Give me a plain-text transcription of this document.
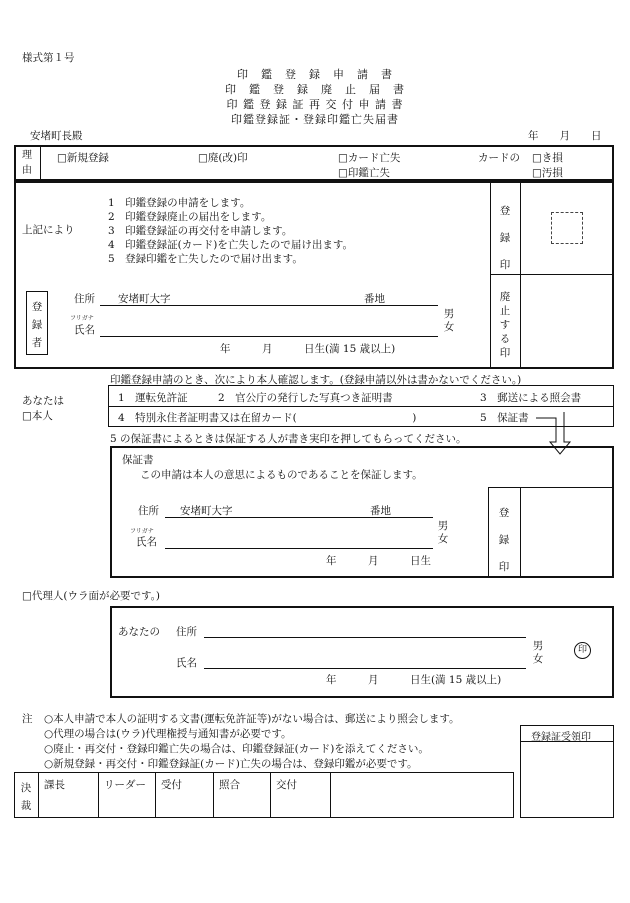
様式第１号
印　鑑　登　録　申　請　書
印　鑑　登　録　廃　止　届　書
印 鑑 登 録 証 再 交 付 申 請 書
印鑑登録証・登録印鑑亡失届書
安堵町長殿	年　　月　　日
理由
□ 新規登録 □	廃(改)印 □	カード亡失
□ 印鑑亡失
カードの □	き損
□ 汚損
上記により
1　印鑑登録の申請をします。
2　印鑑登録廃止の届出をします。
3　印鑑登録証の再交付を申請します。
4　印鑑登録証(カード)を亡失したので届け出ます。
5　登録印鑑を亡失したので届け出ます。
登録印
廃止する印
登録者
住所 安堵町大字	番地
フリガナ
氏名
男女
年　　　月　　　日生(満 15 歳以上)
印鑑登録申請のとき、次により本人確認します。(登録申請以外は書かないでください。)
あなたは
□ 本人
1　運転免許証	2　官公庁の発行した写真つき証明書	3　郵送による照会書
4　特別永住者証明書又は在留カード(　　　　　　　　　　　)	5　保証書
5 の保証書によるときは保証する人が書き実印を押してもらってください。
保証書
この申請は本人の意思によるものであることを保証します。
住所 安堵町大字	番地
フリガナ
氏名
男女
年　　　月　　　日生
登録印
□ 代理人(ウラ面が必要です。)
あなたの 住所
氏名
男女
印
年　　　月　　　日生(満 15 歳以上)
注 ○本人申請で本人の証明する文書(運転免許証等)がない場合は、郵送により照会します。
○代理の場合は(ウラ)代理権授与通知書が必要です。
○廃止・再交付・登録印鑑亡失の場合は、印鑑登録証(カード)を添えてください。
○新規登録・再交付・印鑑登録証(カード)亡失の場合は、登録印鑑が必要です。
登録証受領印
決裁
課長	リーダー 受付	照合	交付
